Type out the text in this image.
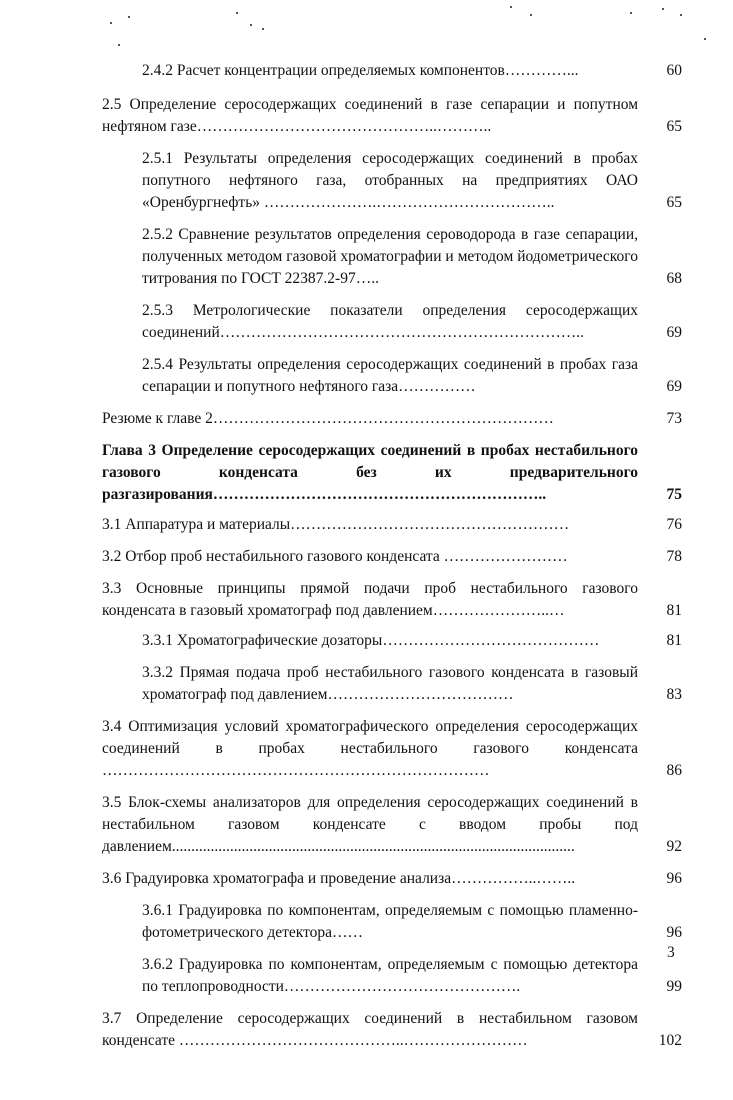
2.4.2 Расчет концентрации определяемых компонентов…………...	60
2.5 Определение серосодержащих соединений в газе сепарации и попутном нефтяном газе………………………………………..………..	65
2.5.1 Результаты определения серосодержащих соединений в пробах попутного нефтяного газа, отобранных на предприятиях ОАО «Оренбургнефть» ………………….……………………………..	65
2.5.2 Сравнение результатов определения сероводорода в газе сепарации, полученных методом газовой хроматографии и методом йодометрического титрования по ГОСТ 22387.2-97…..	68
2.5.3 Метрологические показатели определения серосодержащих соединений……………………………………………………………..	69
2.5.4 Результаты определения серосодержащих соединений в пробах газа сепарации и попутного нефтяного газа……………	69
Резюме к главе 2…………………………………………………………	73
Глава 3 Определение серосодержащих соединений в пробах нестабильного газового конденсата без их предварительного разгазирования………………………………………………………..	75
3.1 Аппаратура и материалы………………………………………………	76
3.2 Отбор проб нестабильного газового конденсата ……………………	78
3.3 Основные принципы прямой подачи проб нестабильного газового конденсата в газовый хроматограф под давлением…………………..…	81
3.3.1 Хроматографические дозаторы……………………………………	81
3.3.2 Прямая подача проб нестабильного газового конденсата в газовый хроматограф под давлением………………………………	83
3.4 Оптимизация условий хроматографического определения серосодержащих соединений в пробах нестабильного газового конденсата …………………………………………………………………	86
3.5 Блок-схемы анализаторов для определения серосодержащих соединений в нестабильном газовом конденсате с вводом пробы под давлением........................................................................................................	92
3.6 Градуировка хроматографа и проведение анализа……………..……..	96
3.6.1 Градуировка по компонентам, определяемым с помощью пламенно-фотометрического детектора……	96
3.6.2 Градуировка по компонентам, определяемым с помощью детектора по теплопроводности……………………………………….	99
3.7 Определение серосодержащих соединений в нестабильном газовом конденсате ……………………………………..……………………	102
3
